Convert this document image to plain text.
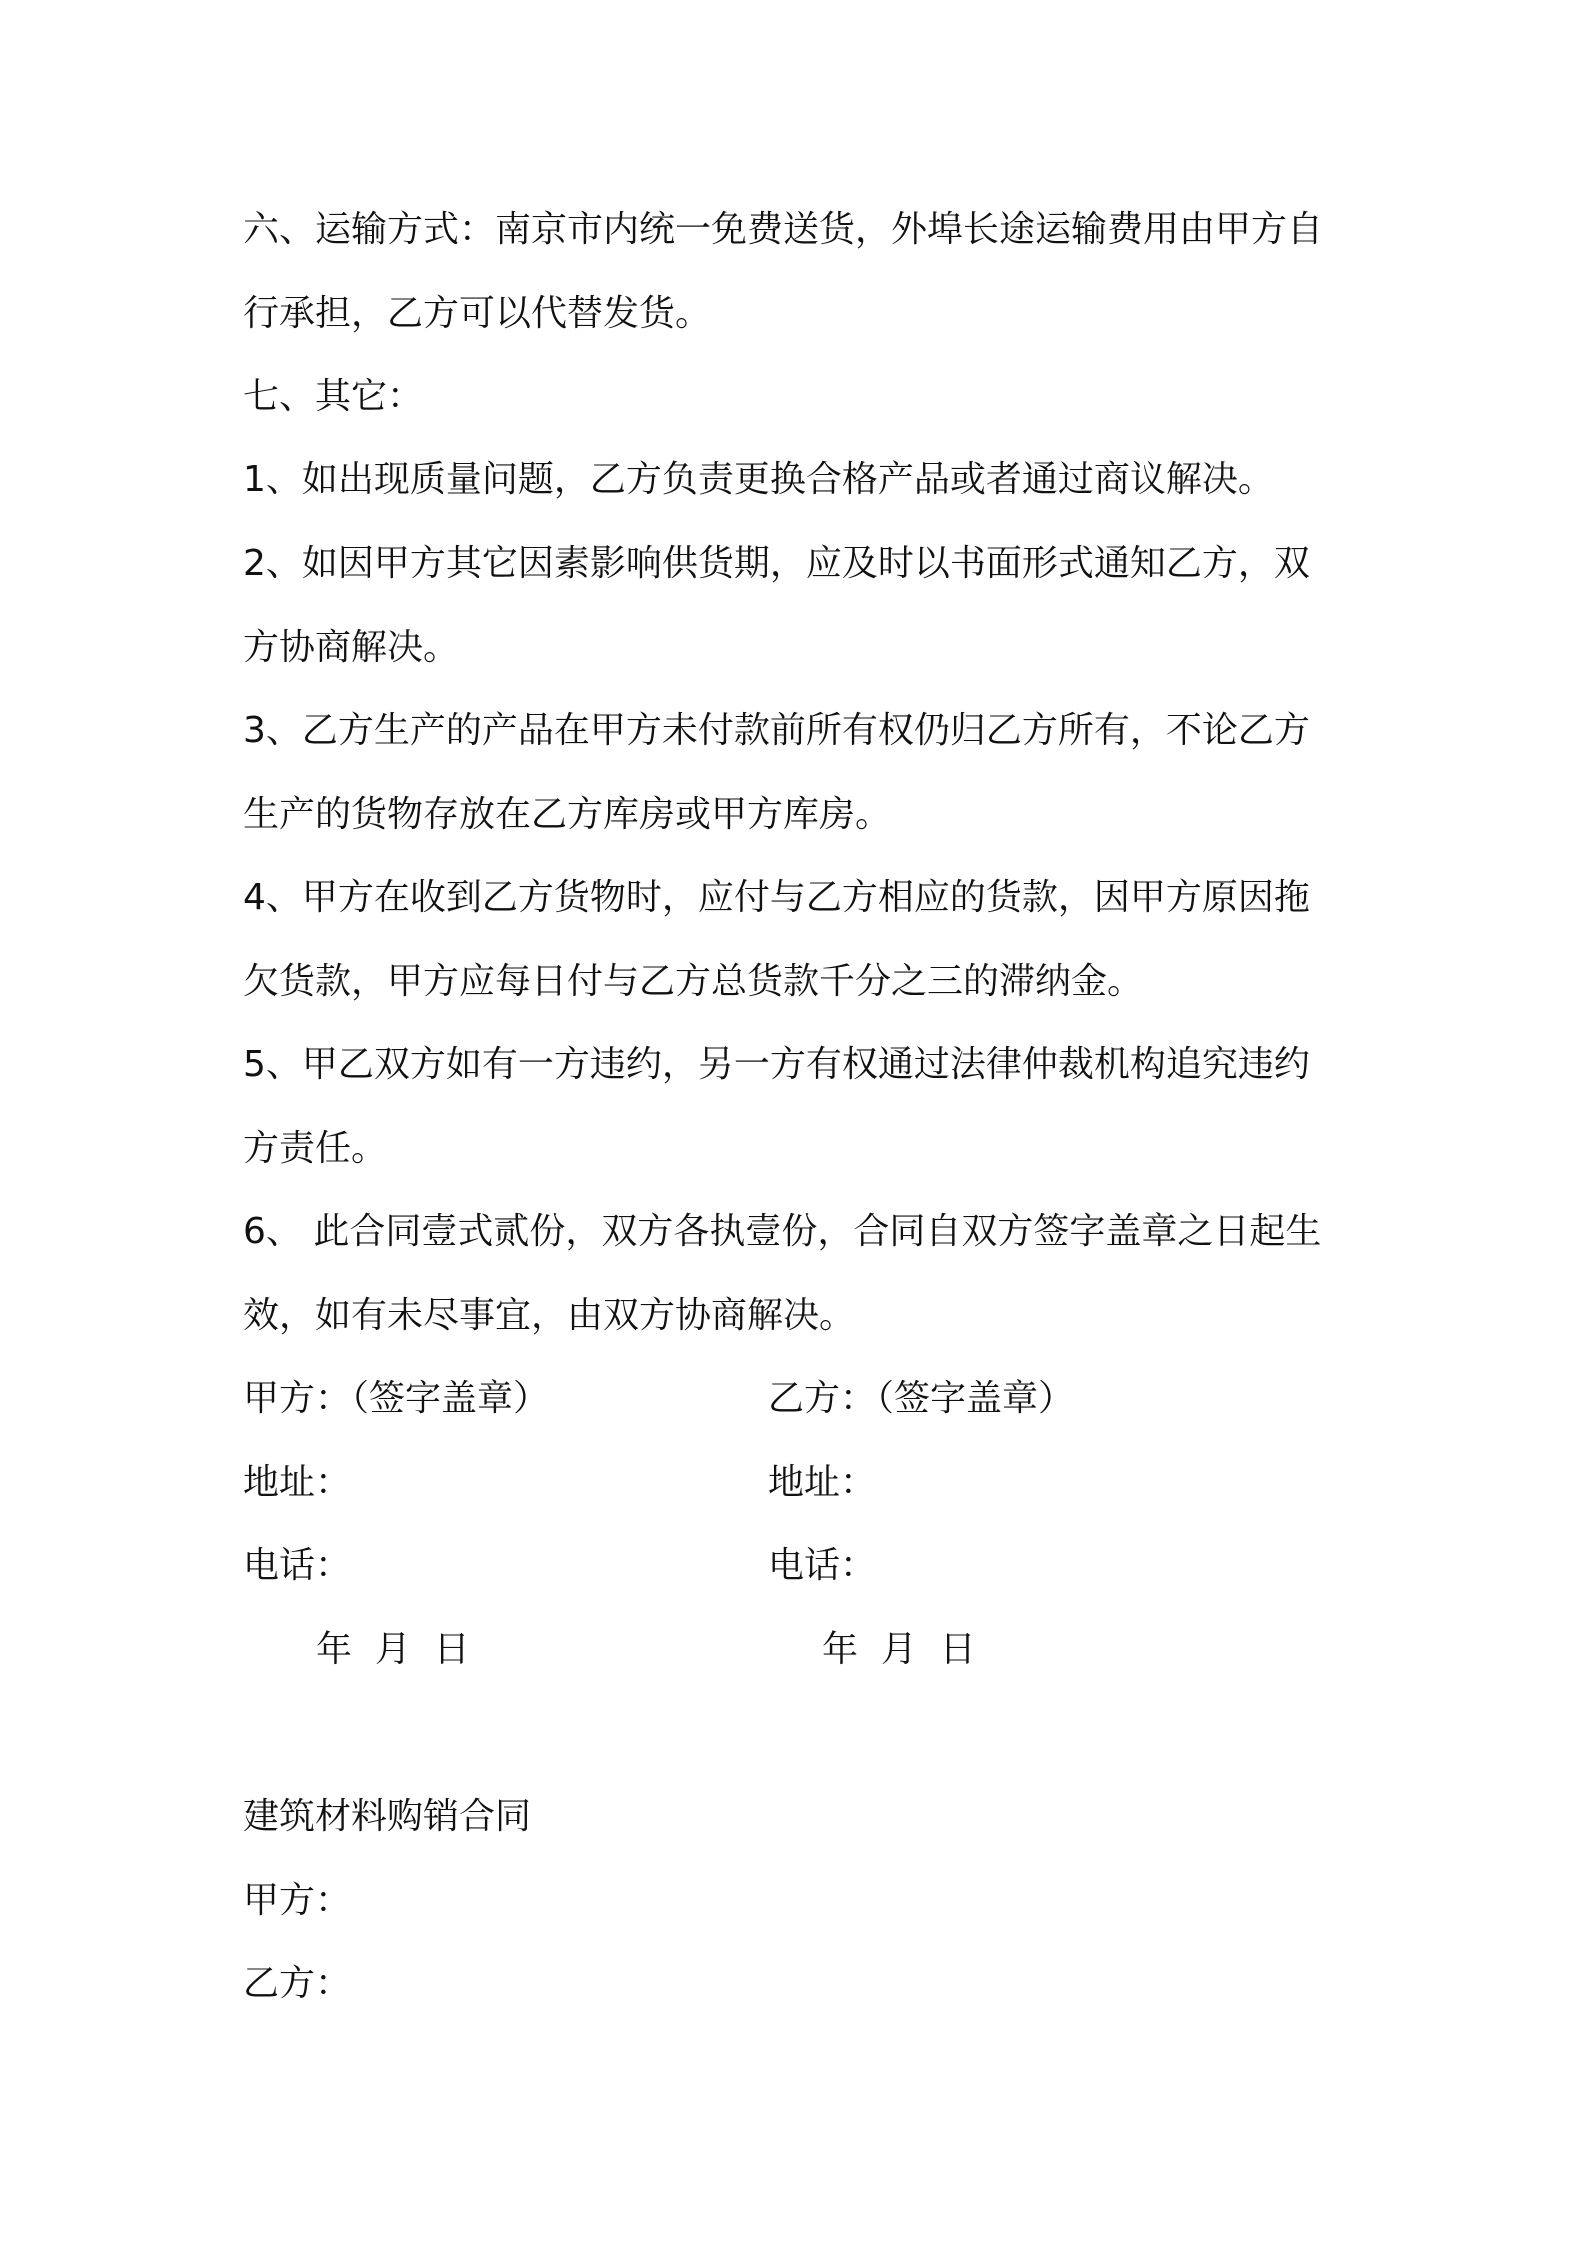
六、运输方式：南京市内统一免费送货，外埠长途运输费用由甲方自
行承担，乙方可以代替发货。
七、其它：
1、如出现质量问题，乙方负责更换合格产品或者通过商议解决。
2、如因甲方其它因素影响供货期，应及时以书面形式通知乙方，双
方协商解决。
3、乙方生产的产品在甲方未付款前所有权仍归乙方所有，不论乙方
生产的货物存放在乙方库房或甲方库房。
4、甲方在收到乙方货物时，应付与乙方相应的货款，因甲方原因拖
欠货款，甲方应每日付与乙方总货款千分之三的滞纳金。
5、甲乙双方如有一方违约，另一方有权通过法律仲裁机构追究违约
方责任。
6、 此合同壹式贰份，双方各执壹份，合同自双方签字盖章之日起生
效，如有未尽事宜，由双方协商解决。
甲方：（签字盖章）	乙方：（签字盖章）
地址：	地址：
电话：	电话：
年  月  日	年  月  日
建筑材料购销合同
甲方：
乙方：
